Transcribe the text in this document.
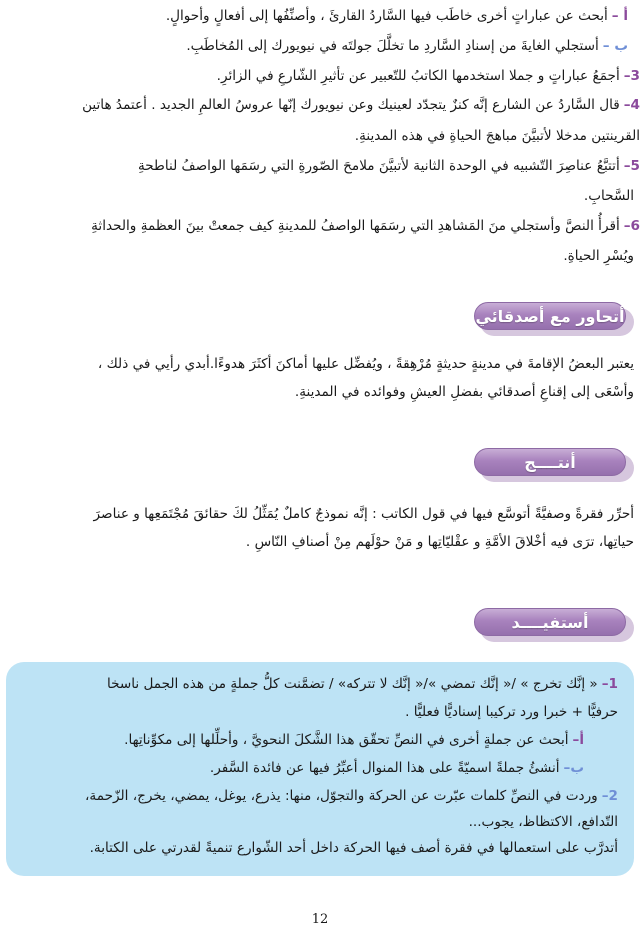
أ –أبحث عن عباراتٍ أخرى خاطَب فيها السَّاردُ القارئَ ، وأصنِّفُها إلى أفعالٍ وأحوالٍ.
ب –أستجلي الغايةَ من إسنادِ السَّاردِ ما تخلَّلَ جولتَه في نيويورك إلى المُخاطَبِ.
3–أجمَعُ عباراتٍ و جملا استخدمها الكاتبُ للتّعبير عن تأثيرِ الشّارعِ في الزائرِ.
4–قال السَّاردُ عن الشارع إنَّه كنزٌ يتجدّد لعينيك وعن نيويورك إنّها عروسُ العالمِ الجديد . أعتمدُ هاتين
القرينتين مدخلا لأتبيَّنَ مباهجَ الحياةِ في هذه المدينةِ.
5–أتتبَّعُ عناصِرَ التّشبيه في الوحدة الثانية لأتبيَّنَ ملامحَ الصّورةِ التي رسَمَها الواصفُ لناطحةِ
السَّحابِ.
6–أقرأُ النصَّ وأستجلي منَ المَشاهدِ التي رسَمَها الواصفُ للمدينةِ كيف جمعتْ بينَ العظمةِ والحداثةِ
ويُسْرِ الحياةِ.
أتحاور مع أصدقائي
يعتبر البعضُ الإقامةَ في مدينةٍ حديثةٍ مُرْهِقةً ، ويُفضِّل عليها أماكنَ أكثَرَ هدوءًا.أبدي رأيي في ذلك ،
وأسْعَى إلى إقناعِ أصدقائي بفضلِ العيشِ وفوائده في المدينةِ.
أنتــــج
أحرِّر فقرةً وصفيَّةً أتوسَّع فيها في قول الكاتب : إنَّه نموذجٌ كاملٌ يُمَثِّلُ لكَ حقائقَ مُجْتَمَعِها و عناصرَ
حياتِها، ترَى فيه أخْلاقَ الأمَّةِ و عقْليّاتِها و مَنْ حوْلَهم مِنْ أصنافِ النّاسِ .
أستفيــــد
1–« إنَّك تخرج » /« إنَّك تمضي »/« إنَّك لا تتركه» / تضمَّنت كلُّ جملةٍ من هذه الجمل ناسخا
حرفيًّا + خبرا ورد تركيبا إسناديًّا فعليًّا .
أ–أبحث عن جملةٍ أخرى في النصِّ تحقّق هذا الشَّكلَ النحويَّ ، وأحلِّلها إلى مكوِّناتِها.
ب–أنشئُ جملةً اسميّةً على هذا المنوال أعبِّرُ فيها عن فائدة السَّفر.
2–وردت في النصِّ كلمات عبّرت عن الحركة والتجوّل، منها: يذرع، يوغل، يمضي، يخرج، الزّحمة،
التّدافع، الاكتظاظ، يجوب...
أتدرَّب على استعمالها في فقرة أصف فيها الحركة داخل أحد الشّوارع تنميةً لقدرتي على الكتابة.
12
